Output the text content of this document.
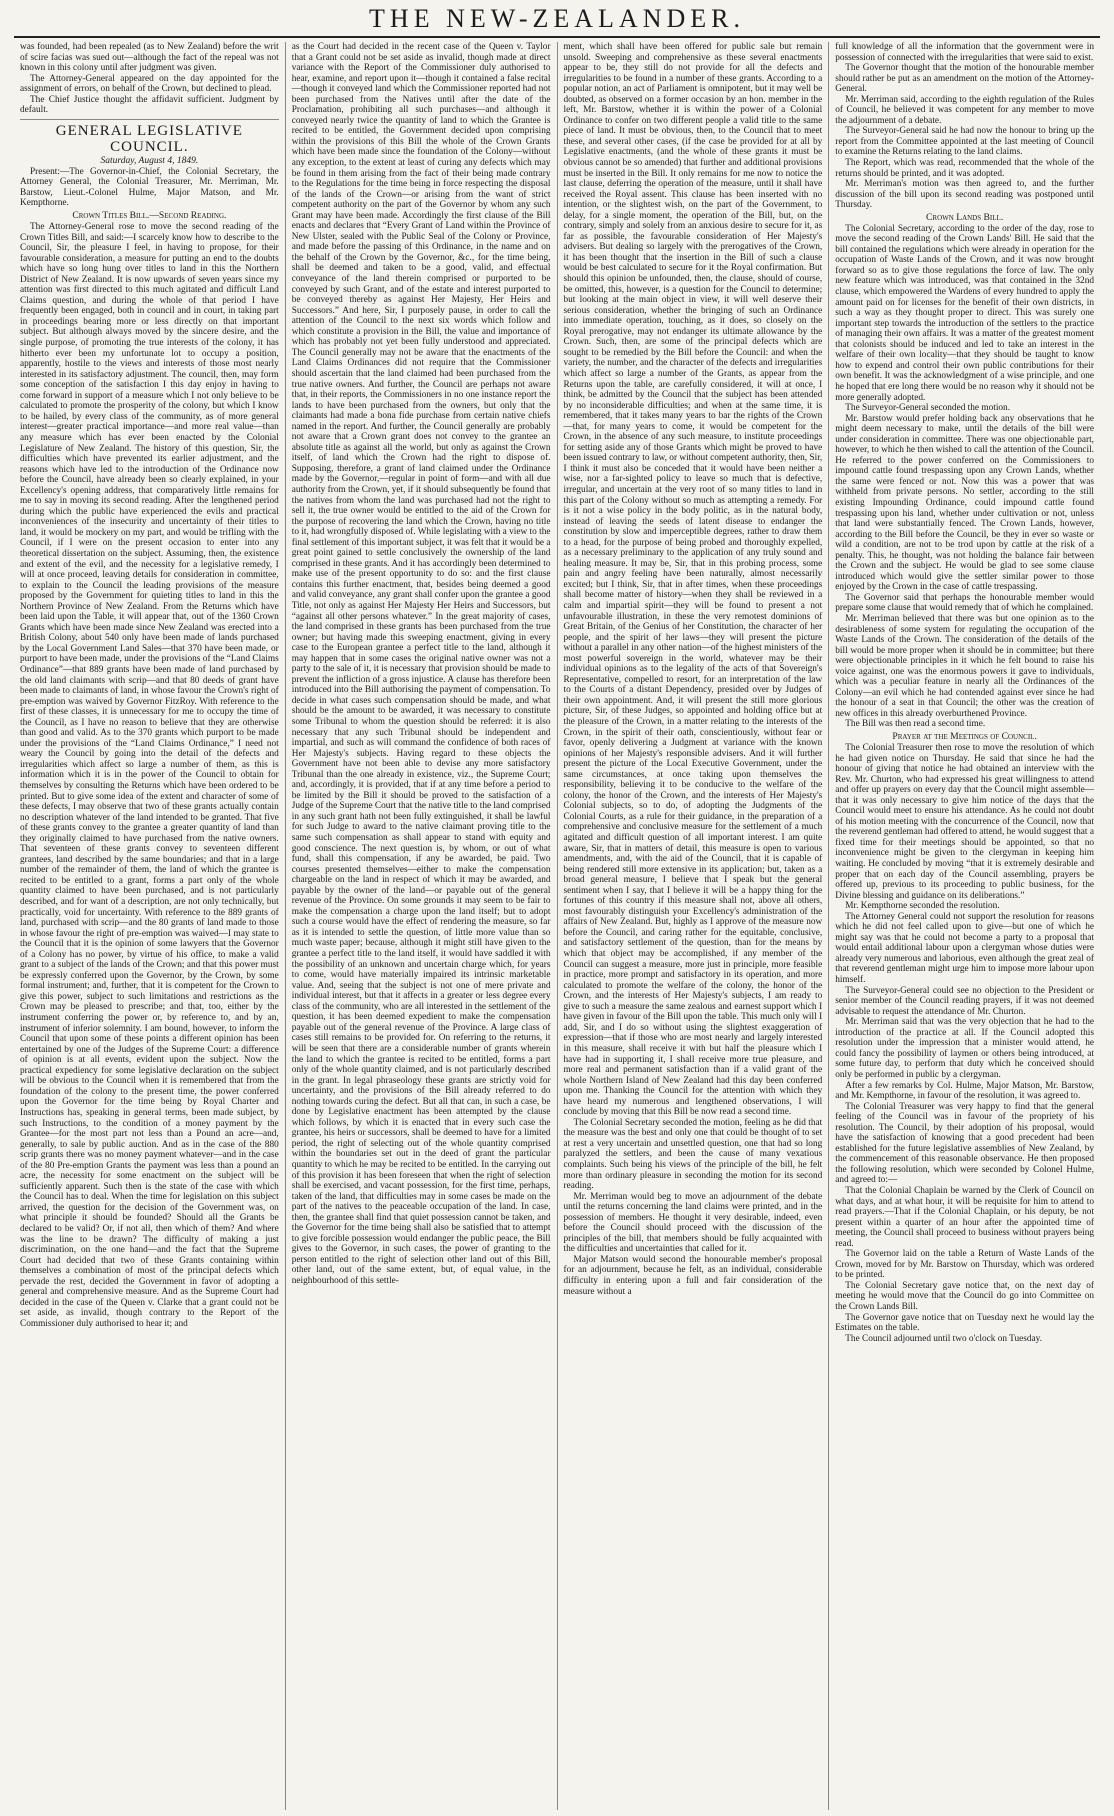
THE NEW-ZEALANDER.

was founded, had been repealed (as to New Zealand) before the writ of scire facias was sued out—although the fact of the repeal was not known in this colony until after judgment was given.

The Attorney-General appeared on the day appointed for the assignment of errors, on behalf of the Crown, but declined to plead.

The Chief Justice thought the affidavit sufficient. Judgment by default.

GENERAL LEGISLATIVE COUNCIL.
Saturday, August 4, 1849.

Present:—The Governor-in-Chief, the Colonial Secretary, the Attorney General, the Colonial Treasurer, Mr. Merriman, Mr. Barstow, Lieut.-Colonel Hulme, Major Matson, and Mr. Kempthorne.

Crown Titles Bill.—Second Reading.

The Attorney-General rose to move the second reading of the Crown Titles Bill, and said:—I scarcely know how to describe to the Council, Sir, the pleasure I feel, in having to propose, for their favourable consideration, a measure for putting an end to the doubts which have so long hung over titles to land in this the Northern District of New Zealand. It is now upwards of seven years since my attention was first directed to this much agitated and difficult Land Claims question, and during the whole of that period I have frequently been engaged, both in council and in court, in taking part in proceedings bearing more or less directly on that important subject. But although always moved by the sincere desire, and the single purpose, of promoting the true interests of the colony, it has hitherto ever been my unfortunate lot to occupy a position, apparently, hostile to the views and interests of those most nearly interested in its satisfactory adjustment. The council, then, may form some conception of the satisfaction I this day enjoy in having to come forward in support of a measure which I not only believe to be calculated to promote the prosperity of the colony, but which I know to be hailed, by every class of the community, as of more general interest—greater practical importance—and more real value—than any measure which has ever been enacted by the Colonial Legislature of New Zealand. The history of this question, Sir, the difficulties which have prevented its earlier adjustment, and the reasons which have led to the introduction of the Ordinance now before the Council, have already been so clearly explained, in your Excellency's opening address, that comparatively little remains for me to say in moving its second reading. After the lengthened period during which the public have experienced the evils and practical inconveniences of the insecurity and uncertainty of their titles to land, it would be mockery on my part, and would be trifling with the Council, if I were on the present occasion to enter into any theoretical dissertation on the subject. Assuming, then, the existence and extent of the evil, and the necessity for a legislative remedy, I will at once proceed, leaving details for consideration in committee, to explain to the Council the leading provisions of the measure proposed by the Government for quieting titles to land in this the Northern Province of New Zealand. From the Returns which have been laid upon the Table, it will appear that, out of the 1360 Crown Grants which have been made since New Zealand was erected into a British Colony, about 540 only have been made of lands purchased by the Local Government Land Sales—that 370 have been made, or purport to have been made, under the provisions of the “Land Claims Ordinance”—that 889 grants have been made of land purchased by the old land claimants with scrip—and that 80 deeds of grant have been made to claimants of land, in whose favour the Crown's right of pre-emption was waived by Governor FitzRoy. With reference to the first of these classes, it is unnecessary for me to occupy the time of the Council, as I have no reason to believe that they are otherwise than good and valid. As to the 370 grants which purport to be made under the provisions of the “Land Claims Ordinance,” I need not weary the Council by going into the detail of the defects and irregularities which affect so large a number of them, as this is information which it is in the power of the Council to obtain for themselves by consulting the Returns which have been ordered to be printed. But to give some idea of the extent and character of some of these defects, I may observe that two of these grants actually contain no description whatever of the land intended to be granted. That five of these grants convey to the grantee a greater quantity of land than they originally claimed to have purchased from the native owners. That seventeen of these grants convey to seventeen different grantees, land described by the same boundaries; and that in a large number of the remainder of them, the land of which the grantee is recited to be entitled to a grant, forms a part only of the whole quantity claimed to have been purchased, and is not particularly described, and for want of a description, are not only technically, but practically, void for uncertainty. With reference to the 889 grants of land, purchased with scrip—and the 80 grants of land made to those in whose favour the right of pre-emption was waived—I may state to the Council that it is the opinion of some lawyers that the Governor of a Colony has no power, by virtue of his office, to make a valid grant to a subject of the lands of the Crown; and that this power must be expressly conferred upon the Governor, by the Crown, by some formal instrument; and, further, that it is competent for the Crown to give this power, subject to such limitations and restrictions as the Crown may be pleased to prescribe; and that, too, either by the instrument conferring the power or, by reference to, and by an, instrument of inferior solemnity. I am bound, however, to inform the Council that upon some of these points a different opinion has been entertained by one of the Judges of the Supreme Court: a difference of opinion is at all events, evident upon the subject. Now the practical expediency for some legislative declaration on the subject will be obvious to the Council when it is remembered that from the foundation of the colony to the present time, the power conferred upon the Governor for the time being by Royal Charter and Instructions has, speaking in general terms, been made subject, by such Instructions, to the condition of a money payment by the Grantee—for the most part not less than a Pound an acre—and, generally, to sale by public auction. And as in the case of the 880 scrip grants there was no money payment whatever—and in the case of the 80 Pre-emption Grants the payment was less than a pound an acre, the necessity for some enactment on the subject will be sufficiently apparent. Such then is the state of the case with which the Council has to deal. When the time for legislation on this subject arrived, the question for the decision of the Government was, on what principle it should be founded? Should all the Grants be declared to be valid? Or, if not all, then which of them? And where was the line to be drawn? The difficulty of making a just discrimination, on the one hand—and the fact that the Supreme Court had decided that two of these Grants containing within themselves a combination of most of the principal defects which pervade the rest, decided the Government in favor of adopting a general and comprehensive measure. And as the Supreme Court had decided in the case of the Queen v. Clarke that a grant could not be set aside, as invalid, though contrary to the Report of the Commissioner duly authorised to hear it; and

as the Court had decided in the recent case of the Queen v. Taylor that a Grant could not be set aside as invalid, though made at direct variance with the Report of the Commissioner duly authorised to hear, examine, and report upon it—though it contained a false recital—though it conveyed land which the Commissioner reported had not been purchased from the Natives until after the date of the Proclamation, prohibiting all such purchases—and although it conveyed nearly twice the quantity of land to which the Grantee is recited to be entitled, the Government decided upon comprising within the provisions of this Bill the whole of the Crown Grants which have been made since the foundation of the Colony—without any exception, to the extent at least of curing any defects which may be found in them arising from the fact of their being made contrary to the Regulations for the time being in force respecting the disposal of the lands of the Crown—or arising from the want of strict competent authority on the part of the Governor by whom any such Grant may have been made. Accordingly the first clause of the Bill enacts and declares that “Every Grant of Land within the Province of New Ulster, sealed with the Public Seal of the Colony or Province, and made before the passing of this Ordinance, in the name and on the behalf of the Crown by the Governor, &c., for the time being, shall be deemed and taken to be a good, valid, and effectual conveyance of the land therein comprised or purported to be conveyed by such Grant, and of the estate and interest purported to be conveyed thereby as against Her Majesty, Her Heirs and Successors.” And here, Sir, I purposely pause, in order to call the attention of the Council to the next six words which follow and which constitute a provision in the Bill, the value and importance of which has probably not yet been fully understood and appreciated. The Council generally may not be aware that the enactments of the Land Claims Ordinances did not require that the Commissioner should ascertain that the land claimed had been purchased from the true native owners. And further, the Council are perhaps not aware that, in their reports, the Commissioners in no one instance report the lands to have been purchased from the owners, but only that the claimants had made a bona fide purchase from certain native chiefs named in the report. And further, the Council generally are probably not aware that a Crown grant does not convey to the grantee an absolute title as against all the world, but only as against the Crown itself, of land which the Crown had the right to dispose of. Supposing, therefore, a grant of land claimed under the Ordinance made by the Governor,—regular in point of form—and with all due authority from the Crown, yet, if it should subsequently be found that the natives from whom the land was purchased had not the right to sell it, the true owner would be entitled to the aid of the Crown for the purpose of recovering the land which the Crown, having no title to it, had wrongfully disposed of. While legislating with a view to the final settlement of this important subject, it was felt that it would be a great point gained to settle conclusively the ownership of the land comprised in these grants. And it has accordingly been determined to make use of the present opportunity to do so: and the first clause contains this further enactment, that, besides being deemed a good and valid conveyance, any grant shall confer upon the grantee a good Title, not only as against Her Majesty Her Heirs and Successors, but “against all other persons whatever.” In the great majority of cases, the land comprised in these grants has been purchased from the true owner; but having made this sweeping enactment, giving in every case to the European grantee a perfect title to the land, although it may happen that in some cases the original native owner was not a party to the sale of it, it is necessary that provision should be made to prevent the infliction of a gross injustice. A clause has therefore been introduced into the Bill authorising the payment of compensation. To decide in what cases such compensation should be made, and what should be the amount to be awarded, it was necessary to constitute some Tribunal to whom the question should be referred: it is also necessary that any such Tribunal should be independent and impartial, and such as will command the confidence of both races of Her Majesty's subjects. Having regard to these objects the Government have not been able to devise any more satisfactory Tribunal than the one already in existence, viz., the Supreme Court; and, accordingly, it is provided, that if at any time before a period to be limited by the Bill it should be proved to the satisfaction of a Judge of the Supreme Court that the native title to the land comprised in any such grant hath not been fully extinguished, it shall be lawful for such Judge to award to the native claimant proving title to the same such compensation as shall appear to stand with equity and good conscience. The next question is, by whom, or out of what fund, shall this compensation, if any be awarded, be paid. Two courses presented themselves—either to make the compensation chargeable on the land in respect of which it may be awarded, and payable by the owner of the land—or payable out of the general revenue of the Province. On some grounds it may seem to be fair to make the compensation a charge upon the land itself; but to adopt such a course would have the effect of rendering the measure, so far as it is intended to settle the question, of little more value than so much waste paper; because, although it might still have given to the grantee a perfect title to the land itself, it would have saddled it with the possibility of an unknown and uncertain charge which, for years to come, would have materially impaired its intrinsic marketable value. And, seeing that the subject is not one of mere private and individual interest, but that it affects in a greater or less degree every class of the community, who are all interested in the settlement of the question, it has been deemed expedient to make the compensation payable out of the general revenue of the Province. A large class of cases still remains to be provided for. On referring to the returns, it will be seen that there are a considerable number of grants wherein the land to which the grantee is recited to be entitled, forms a part only of the whole quantity claimed, and is not particularly described in the grant. In legal phraseology these grants are strictly void for uncertainty, and the provisions of the Bill already referred to do nothing towards curing the defect. But all that can, in such a case, be done by Legislative enactment has been attempted by the clause which follows, by which it is enacted that in every such case the grantee, his heirs or successors, shall be deemed to have for a limited period, the right of selecting out of the whole quantity comprised within the boundaries set out in the deed of grant the particular quantity to which he may be recited to be entitled. In the carrying out of this provision it has been foreseen that when the right of selection shall be exercised, and vacant possession, for the first time, perhaps, taken of the land, that difficulties may in some cases be made on the part of the natives to the peaceable occupation of the land. In case, then, the grantee shall find that quiet possession cannot be taken, and the Governor for the time being shall also be satisfied that to attempt to give forcible possession would endanger the public peace, the Bill gives to the Governor, in such cases, the power of granting to the person entitled to the right of selection other land out of this Bill, other land, out of the same extent, but, of equal value, in the neighbourhood of this settle-

ment, which shall have been offered for public sale but remain unsold. Sweeping and comprehensive as these several enactments appear to be, they still do not provide for all the defects and irregularities to be found in a number of these grants. According to a popular notion, an act of Parliament is omnipotent, but it may well be doubted, as observed on a former occasion by an hon. member in the left, Mr. Barstow, whether it is within the power of a Colonial Ordinance to confer on two different people a valid title to the same piece of land. It must be obvious, then, to the Council that to meet these, and several other cases, (if the case be provided for at all by Legislative enactments, (and the whole of these grants it must be obvious cannot be so amended) that further and additional provisions must be inserted in the Bill. It only remains for me now to notice the last clause, deferring the operation of the measure, until it shall have received the Royal assent. This clause has been inserted with no intention, or the slightest wish, on the part of the Government, to delay, for a single moment, the operation of the Bill, but, on the contrary, simply and solely from an anxious desire to secure for it, as far as possible, the favourable consideration of Her Majesty's advisers. But dealing so largely with the prerogatives of the Crown, it has been thought that the insertion in the Bill of such a clause would be best calculated to secure for it the Royal confirmation. But should this opinion be unfounded, then, the clause, should of course, be omitted, this, however, is a question for the Council to determine; but looking at the main object in view, it will well deserve their serious consideration, whether the bringing of such an Ordinance into immediate operation, touching, as it does, so closely on the Royal prerogative, may not endanger its ultimate allowance by the Crown. Such, then, are some of the principal defects which are sought to be remedied by the Bill before the Council: and when the variety, the number, and the character of the defects and irregularities which affect so large a number of the Grants, as appear from the Returns upon the table, are carefully considered, it will at once, I think, be admitted by the Council that the subject has been attended by no inconsiderable difficulties; and when at the same time, it is remembered, that it takes many years to bar the rights of the Crown—that, for many years to come, it would be competent for the Crown, in the absence of any such measure, to institute proceedings for setting aside any of those Grants which might be proved to have been issued contrary to law, or without competent authority, then, Sir, I think it must also be conceded that it would have been neither a wise, nor a far-sighted policy to leave so much that is defective, irregular, and uncertain at the very root of so many titles to land in this part of the Colony without so much as attempting a remedy. For is it not a wise policy in the body politic, as in the natural body, instead of leaving the seeds of latent disease to endanger the constitution by slow and imperceptible degrees, rather to draw them to a head, for the purpose of being probed and thoroughly expelled, as a necessary preliminary to the application of any truly sound and healing measure. It may be, Sir, that in this probing process, some pain and angry feeling have been naturally, almost necessarily excited; but I think, Sir, that in after times, when these proceedings shall become matter of history—when they shall be reviewed in a calm and impartial spirit—they will be found to present a not unfavourable illustration, in these the very remotest dominions of Great Britain, of the Genius of her Constitution, the character of her people, and the spirit of her laws—they will present the picture without a parallel in any other nation—of the highest ministers of the most powerful sovereign in the world, whatever may be their individual opinions as to the legality of the acts of that Sovereign's Representative, compelled to resort, for an interpretation of the law to the Courts of a distant Dependency, presided over by Judges of their own appointment. And, it will present the still more glorious picture, Sir, of these Judges, so appointed and holding office but at the pleasure of the Crown, in a matter relating to the interests of the Crown, in the spirit of their oath, conscientiously, without fear or favor, openly delivering a Judgment at variance with the known opinions of her Majesty's responsible advisers. And it will further present the picture of the Local Executive Government, under the same circumstances, at once taking upon themselves the responsibility, believing it to be conducive to the welfare of the colony, the honor of the Crown, and the interests of Her Majesty's Colonial subjects, so to do, of adopting the Judgments of the Colonial Courts, as a rule for their guidance, in the preparation of a comprehensive and conclusive measure for the settlement of a much agitated and difficult question of all important interest. I am quite aware, Sir, that in matters of detail, this measure is open to various amendments, and, with the aid of the Council, that it is capable of being rendered still more extensive in its application; but, taken as a broad general measure, I believe that I speak but the general sentiment when I say, that I believe it will be a happy thing for the fortunes of this country if this measure shall not, above all others, most favourably distinguish your Excellency's administration of the affairs of New Zealand. But, highly as I approve of the measure now before the Council, and caring rather for the equitable, conclusive, and satisfactory settlement of the question, than for the means by which that object may be accomplished, if any member of the Council can suggest a measure, more just in principle, more feasible in practice, more prompt and satisfactory in its operation, and more calculated to promote the welfare of the colony, the honor of the Crown, and the interests of Her Majesty's subjects, I am ready to give to such a measure the same zealous and earnest support which I have given in favour of the Bill upon the table. This much only will I add, Sir, and I do so without using the slightest exaggeration of expression—that if those who are most nearly and largely interested in this measure, shall receive it with but half the pleasure which I have had in supporting it, I shall receive more true pleasure, and more real and permanent satisfaction than if a valid grant of the whole Northern Island of New Zealand had this day been conferred upon me. Thanking the Council for the attention with which they have heard my numerous and lengthened observations, I will conclude by moving that this Bill be now read a second time.

The Colonial Secretary seconded the motion, feeling as he did that the measure was the best and only one that could be thought of to set at rest a very uncertain and unsettled question, one that had so long paralyzed the settlers, and been the cause of many vexatious complaints. Such being his views of the principle of the bill, he felt more than ordinary pleasure in seconding the motion for its second reading.

Mr. Merriman would beg to move an adjournment of the debate until the returns concerning the land claims were printed, and in the possession of members. He thought it very desirable, indeed, even before the Council should proceed with the discussion of the principles of the bill, that members should be fully acquainted with the difficulties and uncertainties that called for it.

Major Matson would second the honourable member's proposal for an adjournment, because he felt, as an individual, considerable difficulty in entering upon a full and fair consideration of the measure without a

full knowledge of all the information that the government were in possession of connected with the irregularities that were said to exist.

The Governor thought that the motion of the honourable member should rather be put as an amendment on the motion of the Attorney-General.

Mr. Merriman said, according to the eighth regulation of the Rules of Council, he believed it was competent for any member to move the adjournment of a debate.

The Surveyor-General said he had now the honour to bring up the report from the Committee appointed at the last meeting of Council to examine the Returns relating to the land claims.

The Report, which was read, recommended that the whole of the returns should be printed, and it was adopted.

Mr. Merriman's motion was then agreed to, and the further discussion of the bill upon its second reading was postponed until Thursday.

Crown Lands Bill.

The Colonial Secretary, according to the order of the day, rose to move the second reading of the Crown Lands' Bill. He said that the bill contained the regulations which were already in operation for the occupation of Waste Lands of the Crown, and it was now brought forward so as to give those regulations the force of law. The only new feature which was introduced, was that contained in the 32nd clause, which empowered the Wardens of every hundred to apply the amount paid on for licenses for the benefit of their own districts, in such a way as they thought proper to direct. This was surely one important step towards the introduction of the settlers to the practice of managing their own affairs. It was a matter of the greatest moment that colonists should be induced and led to take an interest in the welfare of their own locality—that they should be taught to know how to expend and control their own public contributions for their own benefit. It was the acknowledgment of a wise principle, and one he hoped that ere long there would be no reason why it should not be more generally adopted.

The Surveyor-General seconded the motion.

Mr. Barstow would prefer holding back any observations that he might deem necessary to make, until the details of the bill were under consideration in committee. There was one objectionable part, however, to which he then wished to call the attention of the Council. He referred to the power conferred on the Commissioners to impound cattle found trespassing upon any Crown Lands, whether the same were fenced or not. Now this was a power that was withheld from private persons. No settler, according to the still existing Impounding Ordinance, could impound cattle found trespassing upon his land, whether under cultivation or not, unless that land were substantially fenced. The Crown Lands, however, according to the Bill before the Council, be they in ever so waste or wild a condition, are not to be trod upon by cattle at the risk of a penalty. This, he thought, was not holding the balance fair between the Crown and the subject. He would be glad to see some clause introduced which would give the settler similar power to those enjoyed by the Crown in the case of cattle trespassing.

The Governor said that perhaps the honourable member would prepare some clause that would remedy that of which he complained.

Mr. Merriman believed that there was but one opinion as to the desirableness of some system for regulating the occupation of the Waste Lands of the Crown. The consideration of the details of the bill would be more proper when it should be in committee; but there were objectionable principles in it which he felt bound to raise his voice against, one was the enormous powers it gave to individuals, which was a peculiar feature in nearly all the Ordinances of the Colony—an evil which he had contended against ever since he had the honour of a seat in that Council; the other was the creation of new offices in this already overburthened Province.

The Bill was then read a second time.

Prayer at the Meetings of Council.

The Colonial Treasurer then rose to move the resolution of which he had given notice on Thursday. He said that since he had the honour of giving that notice he had obtained an interview with the Rev. Mr. Churton, who had expressed his great willingness to attend and offer up prayers on every day that the Council might assemble—that it was only necessary to give him notice of the days that the Council would meet to ensure his attendance. As he could not doubt of his motion meeting with the concurrence of the Council, now that the reverend gentleman had offered to attend, he would suggest that a fixed time for their meetings should be appointed, so that no inconvenience might be given to the clergyman in keeping him waiting. He concluded by moving “that it is extremely desirable and proper that on each day of the Council assembling, prayers be offered up, previous to its proceeding to public business, for the Divine blessing and guidance on its deliberations.”

Mr. Kempthorne seconded the resolution.

The Attorney General could not support the resolution for reasons which he did not feel called upon to give—but one of which he might say was that he could not become a party to a proposal that would entail additional labour upon a clergyman whose duties were already very numerous and laborious, even although the great zeal of that reverend gentleman might urge him to impose more labour upon himself.

The Surveyor-General could see no objection to the President or senior member of the Council reading prayers, if it was not deemed advisable to request the attendance of Mr. Churton.

Mr. Merriman said that was the very objection that he had to the introduction of the practice at all. If the Council adopted this resolution under the impression that a minister would attend, he could fancy the possibility of laymen or others being introduced, at some future day, to perform that duty which he conceived should only be performed in public by a clergyman.

After a few remarks by Col. Hulme, Major Matson, Mr. Barstow, and Mr. Kempthorne, in favour of the resolution, it was agreed to.

The Colonial Treasurer was very happy to find that the general feeling of the Council was in favour of the propriety of his resolution. The Council, by their adoption of his proposal, would have the satisfaction of knowing that a good precedent had been established for the future legislative assemblies of New Zealand, by the commencement of this reasonable observance. He then proposed the following resolution, which were seconded by Colonel Hulme, and agreed to:—

That the Colonial Chaplain be warned by the Clerk of Council on what days, and at what hour, it will be requisite for him to attend to read prayers.—That if the Colonial Chaplain, or his deputy, be not present within a quarter of an hour after the appointed time of meeting, the Council shall proceed to business without prayers being read.

The Governor laid on the table a Return of Waste Lands of the Crown, moved for by Mr. Barstow on Thursday, which was ordered to be printed.

The Colonial Secretary gave notice that, on the next day of meeting he would move that the Council do go into Committee on the Crown Lands Bill.

The Governor gave notice that on Tuesday next he would lay the Estimates on the table.

The Council adjourned until two o'clock on Tuesday.
